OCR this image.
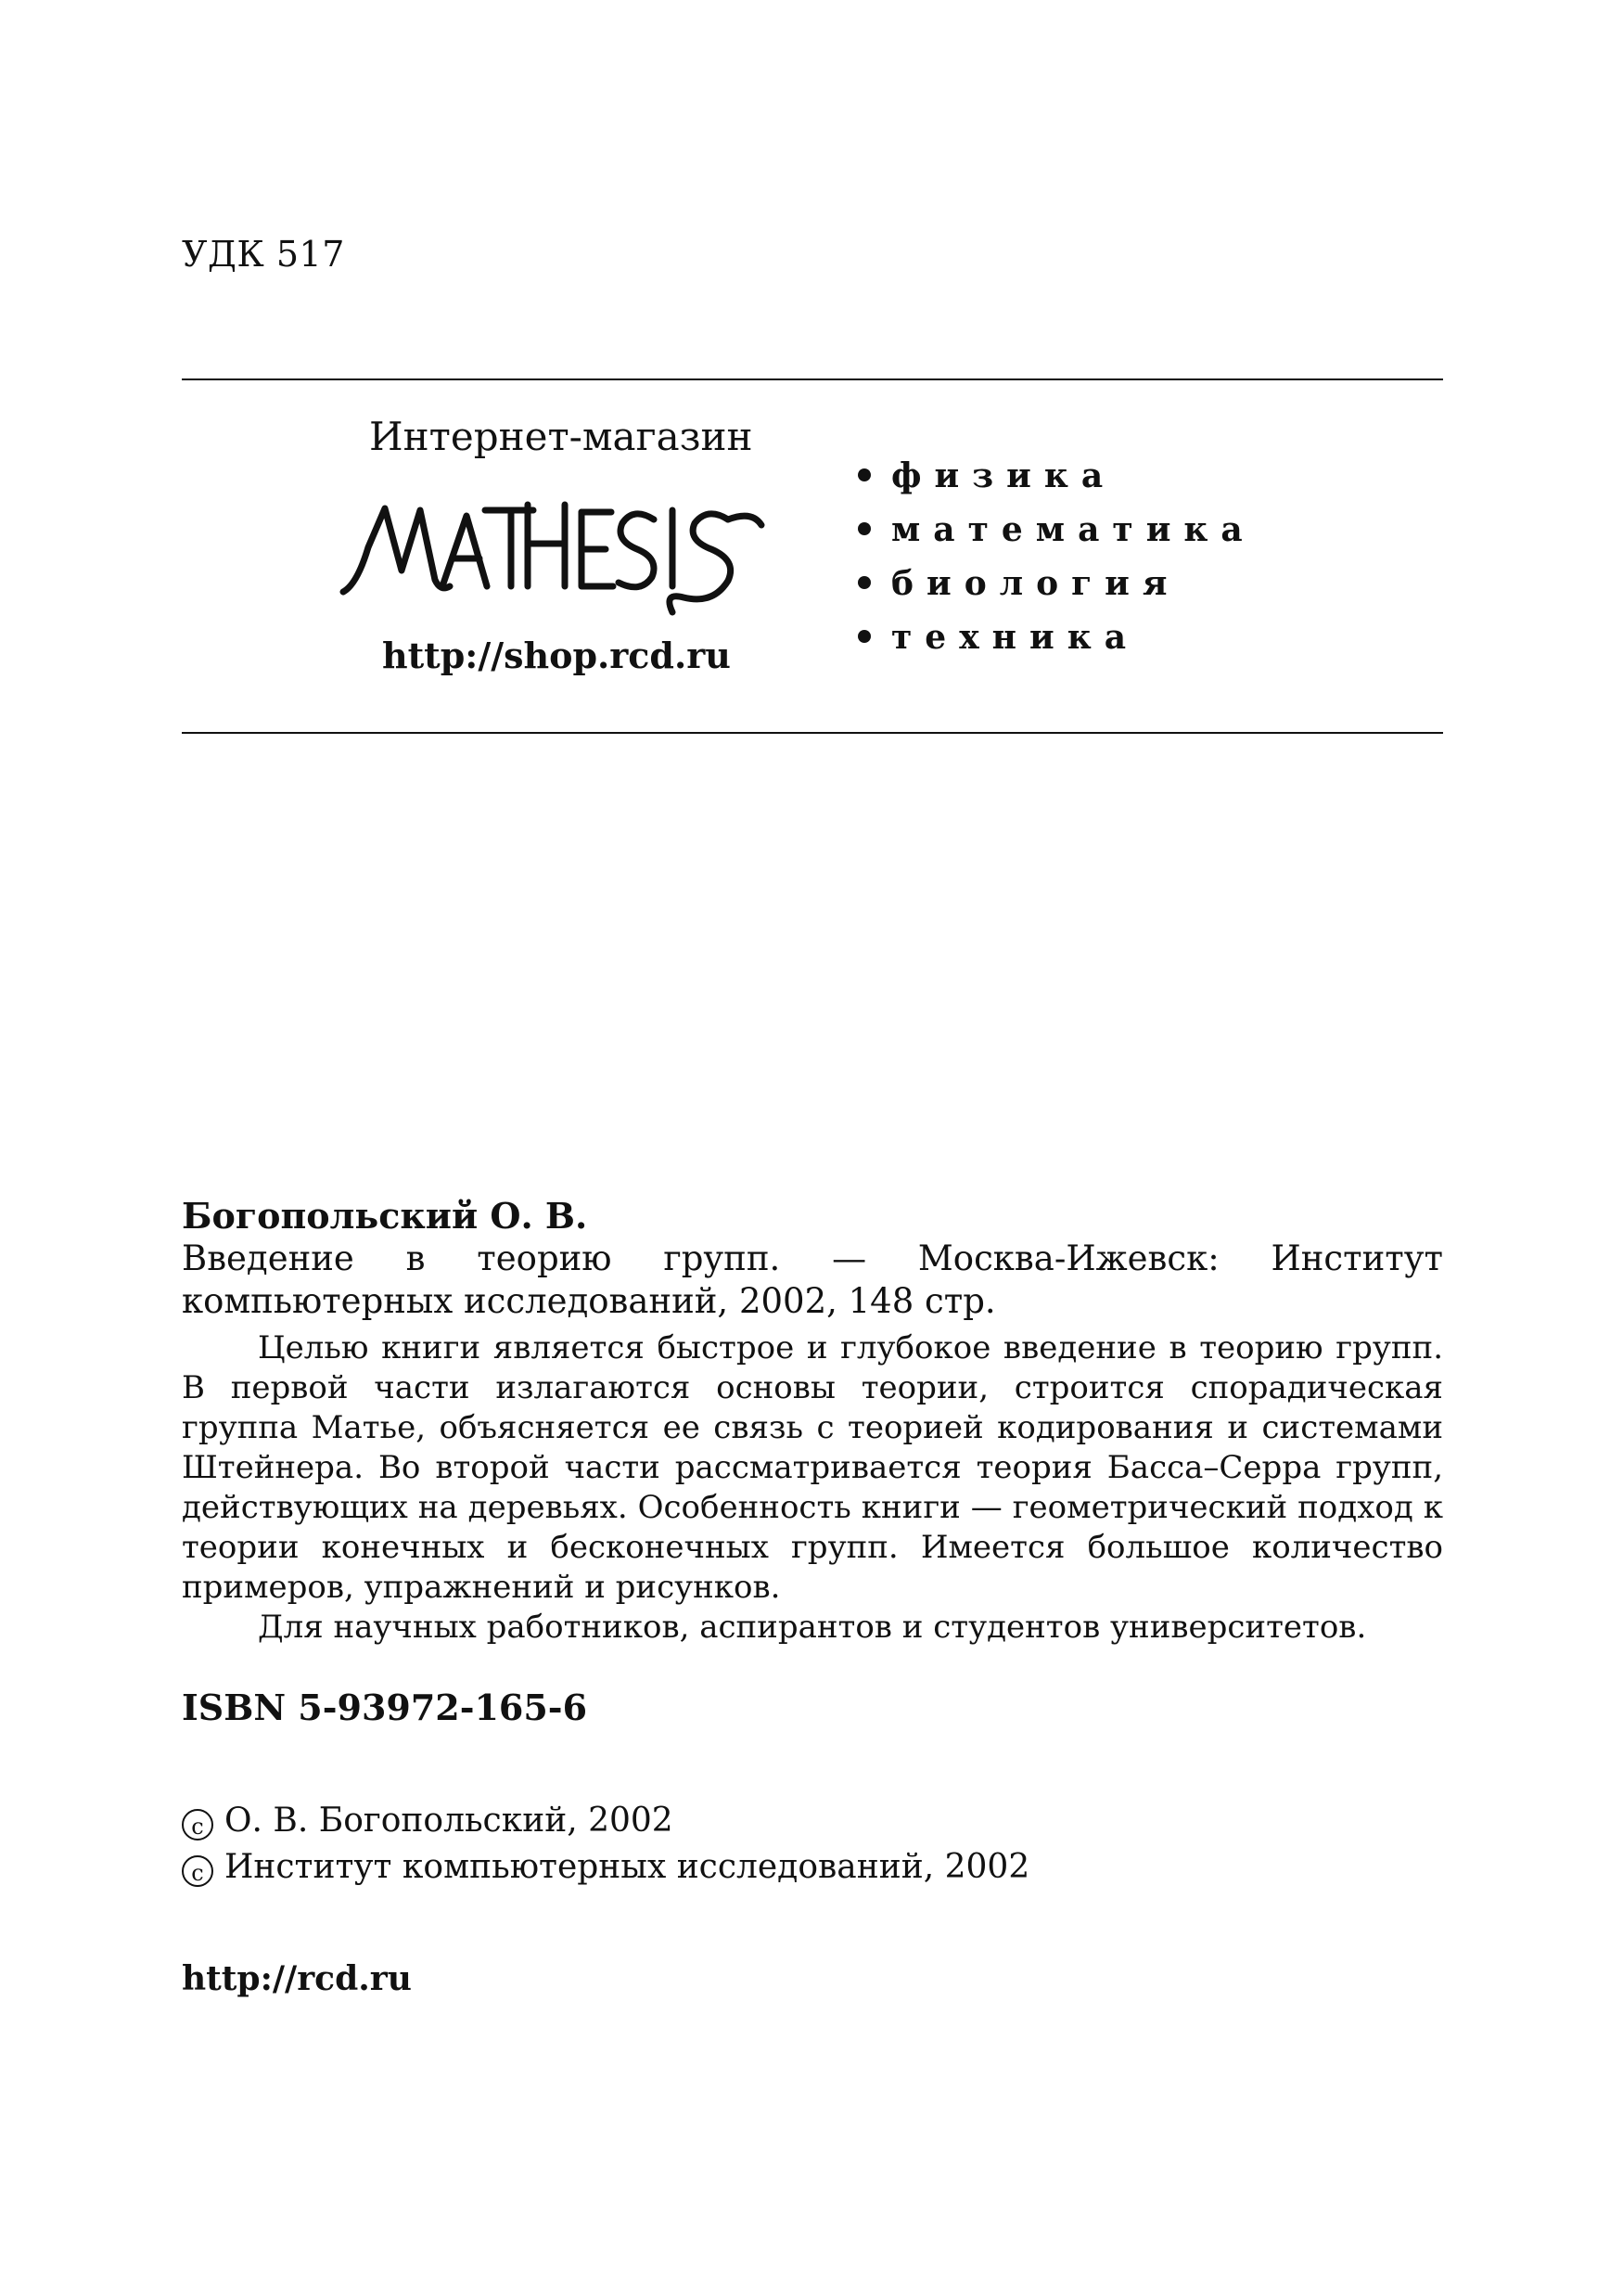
УДК 517
Интернет-магазин
http://shop.rcd.ru
физика
математика
биология
техника
Богопольский О. В.
Введение в теорию групп. — Москва-Ижевск: Институт компьютерных исследований, 2002, 148 стр.

Целью книги является быстрое и глубокое введение в теорию групп. В первой части излагаются основы теории, строится спорадическая группа Матье, объясняется ее связь с теорией кодирования и системами Штейнера. Во второй части рассматривается теория Басса–Серра групп, действующих на деревьях. Особенность книги — геометрический подход к теории конечных и бесконечных групп. Имеется большое количество примеров, упражнений и рисунков.

Для научных работников, аспирантов и студентов университетов.

ISBN 5-93972-165-6
c О. В. Богопольский, 2002
c Институт компьютерных исследований, 2002
http://rcd.ru
